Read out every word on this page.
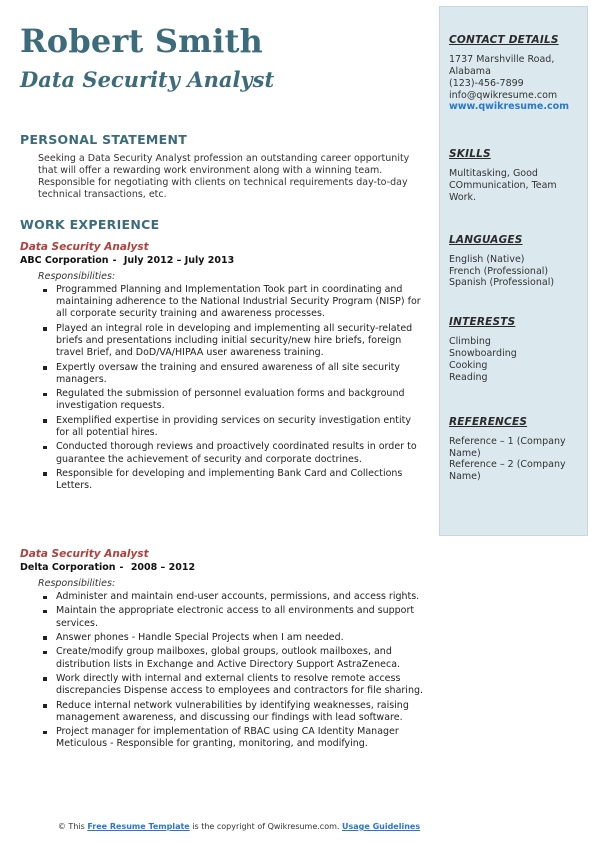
Robert Smith
Data Security Analyst
PERSONAL STATEMENT

Seeking a Data Security Analyst profession an outstanding career opportunity that will offer a rewarding work environment along with a winning team. Responsible for negotiating with clients on technical requirements day-to-day technical transactions, etc.

WORK EXPERIENCE

Data Security Analyst

ABC Corporation - July 2012 – July 2013

Responsibilities:

Programmed Planning and Implementation Took part in coordinating and maintaining adherence to the National Industrial Security Program (NISP) for all corporate security training and awareness processes.
Played an integral role in developing and implementing all security-related briefs and presentations including initial security/new hire briefs, foreign travel Brief, and DoD/VA/HIPAA user awareness training.
Expertly oversaw the training and ensured awareness of all site security managers.
Regulated the submission of personnel evaluation forms and background investigation requests.
Exemplified expertise in providing services on security investigation entity for all potential hires.
Conducted thorough reviews and proactively coordinated results in order to guarantee the achievement of security and corporate doctrines.
Responsible for developing and implementing Bank Card and Collections Letters.

Data Security Analyst

Delta Corporation - 2008 – 2012

Responsibilities:

Administer and maintain end-user accounts, permissions, and access rights.
Maintain the appropriate electronic access to all environments and support services.
Answer phones - Handle Special Projects when I am needed.
Create/modify group mailboxes, global groups, outlook mailboxes, and distribution lists in Exchange and Active Directory Support AstraZeneca.
Work directly with internal and external clients to resolve remote access discrepancies Dispense access to employees and contractors for file sharing.
Reduce internal network vulnerabilities by identifying weaknesses, raising management awareness, and discussing our findings with lead software.
Project manager for implementation of RBAC using CA Identity Manager Meticulous - Responsible for granting, monitoring, and modifying.
CONTACT DETAILS

1737 Marshville Road, Alabama

(123)-456-7899

info@qwikresume.com

www.qwikresume.com

SKILLS

Multitasking, Good COmmunication, Team Work.

LANGUAGES

English (Native)

French (Professional)

Spanish (Professional)

INTERESTS

Climbing

Snowboarding

Cooking

Reading

REFERENCES

Reference – 1 (Company Name)

Reference – 2 (Company Name)

© This Free Resume Template is the copyright of Qwikresume.com. Usage Guidelines
